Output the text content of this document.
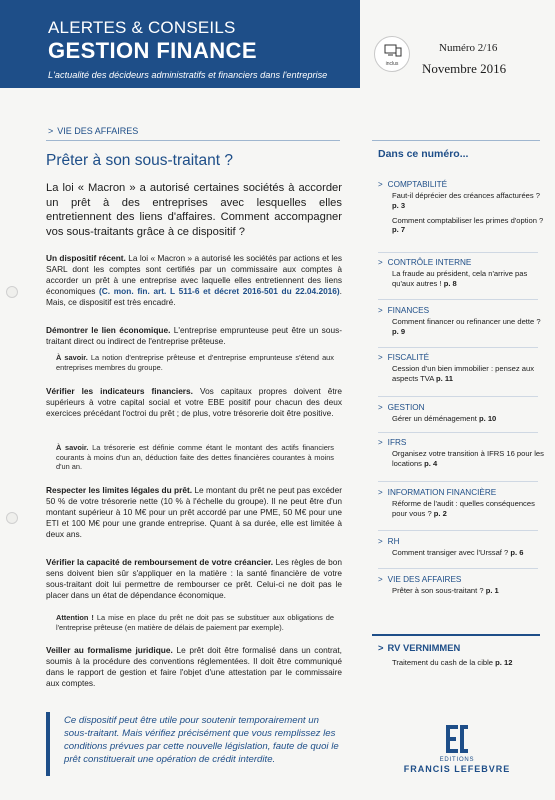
ALERTES & CONSEILS
GESTION FINANCE
L'actualité des décideurs administratifs et financiers dans l'entreprise
inclus
Numéro 2/16
Novembre 2016
> VIE DES AFFAIRES
Prêter à son sous-traitant ?
La loi « Macron » a autorisé certaines sociétés à accorder un prêt à des entreprises avec lesquelles elles entretiennent des liens d'affaires. Comment accompagner vos sous-traitants grâce à ce dispositif ?
Un dispositif récent. La loi « Macron » a autorisé les sociétés par actions et les SARL dont les comptes sont certifiés par un commissaire aux comptes à accorder un prêt à une entreprise avec laquelle elles entretiennent des liens économiques (C. mon. fin. art. L 511-6 et décret 2016-501 du 22.04.2016). Mais, ce dispositif est très encadré.
Démontrer le lien économique. L'entreprise emprunteuse peut être un sous-traitant direct ou indirect de l'entreprise prêteuse.
À savoir. La notion d'entreprise prêteuse et d'entreprise emprunteuse s'étend aux entreprises membres du groupe.
Vérifier les indicateurs financiers. Vos capitaux propres doivent être supérieurs à votre capital social et votre EBE positif pour chacun des deux exercices précédant l'octroi du prêt ; de plus, votre trésorerie doit être positive.
À savoir. La trésorerie est définie comme étant le montant des actifs financiers courants à moins d'un an, déduction faite des dettes financières courantes à moins d'un an.
Respecter les limites légales du prêt. Le montant du prêt ne peut pas excéder 50 % de votre trésorerie nette (10 % à l'échelle du groupe). Il ne peut être d'un montant supérieur à 10 M€ pour un prêt accordé par une PME, 50 M€ pour une ETI et 100 M€ pour une grande entreprise. Quant à sa durée, elle est limitée à deux ans.
Vérifier la capacité de remboursement de votre créancier. Les règles de bon sens doivent bien sûr s'appliquer en la matière : la santé financière de votre sous-traitant doit lui permettre de rembourser ce prêt. Celui-ci ne doit pas le placer dans un état de dépendance économique.
Attention ! La mise en place du prêt ne doit pas se substituer aux obligations de l'entreprise prêteuse (en matière de délais de paiement par exemple).
Veiller au formalisme juridique. Le prêt doit être formalisé dans un contrat, soumis à la procédure des conventions réglementées. Il doit être communiqué dans le rapport de gestion et faire l'objet d'une attestation par le commissaire aux comptes.

Ce dispositif peut être utile pour soutenir temporairement un sous-traitant. Mais vérifiez précisément que vous remplissez les conditions prévues par cette nouvelle législation, faute de quoi le prêt constituerait une opération de crédit interdite.

Dans ce numéro...
> COMPTABILITÉ
Faut-il déprécier des créances affacturées ? p. 3
Comment comptabiliser les primes d'option ? p. 7
> CONTRÔLE INTERNE
La fraude au président, cela n'arrive pas qu'aux autres ! p. 8
> FINANCES
Comment financer ou refinancer une dette ? p. 9
> FISCALITÉ
Cession d'un bien immobilier : pensez aux aspects TVA p. 11
> GESTION
Gérer un déménagement p. 10
> IFRS
Organisez votre transition à IFRS 16 pour les locations p. 4
> INFORMATION FINANCIÈRE
Réforme de l'audit : quelles conséquences pour vous ? p. 2
> RH
Comment transiger avec l'Urssaf ? p. 6
> VIE DES AFFAIRES
Prêter à son sous-traitant ? p. 1
> RV VERNIMMEN
Traitement du cash de la cible p. 12
EDITIONS
FRANCIS LEFEBVRE
